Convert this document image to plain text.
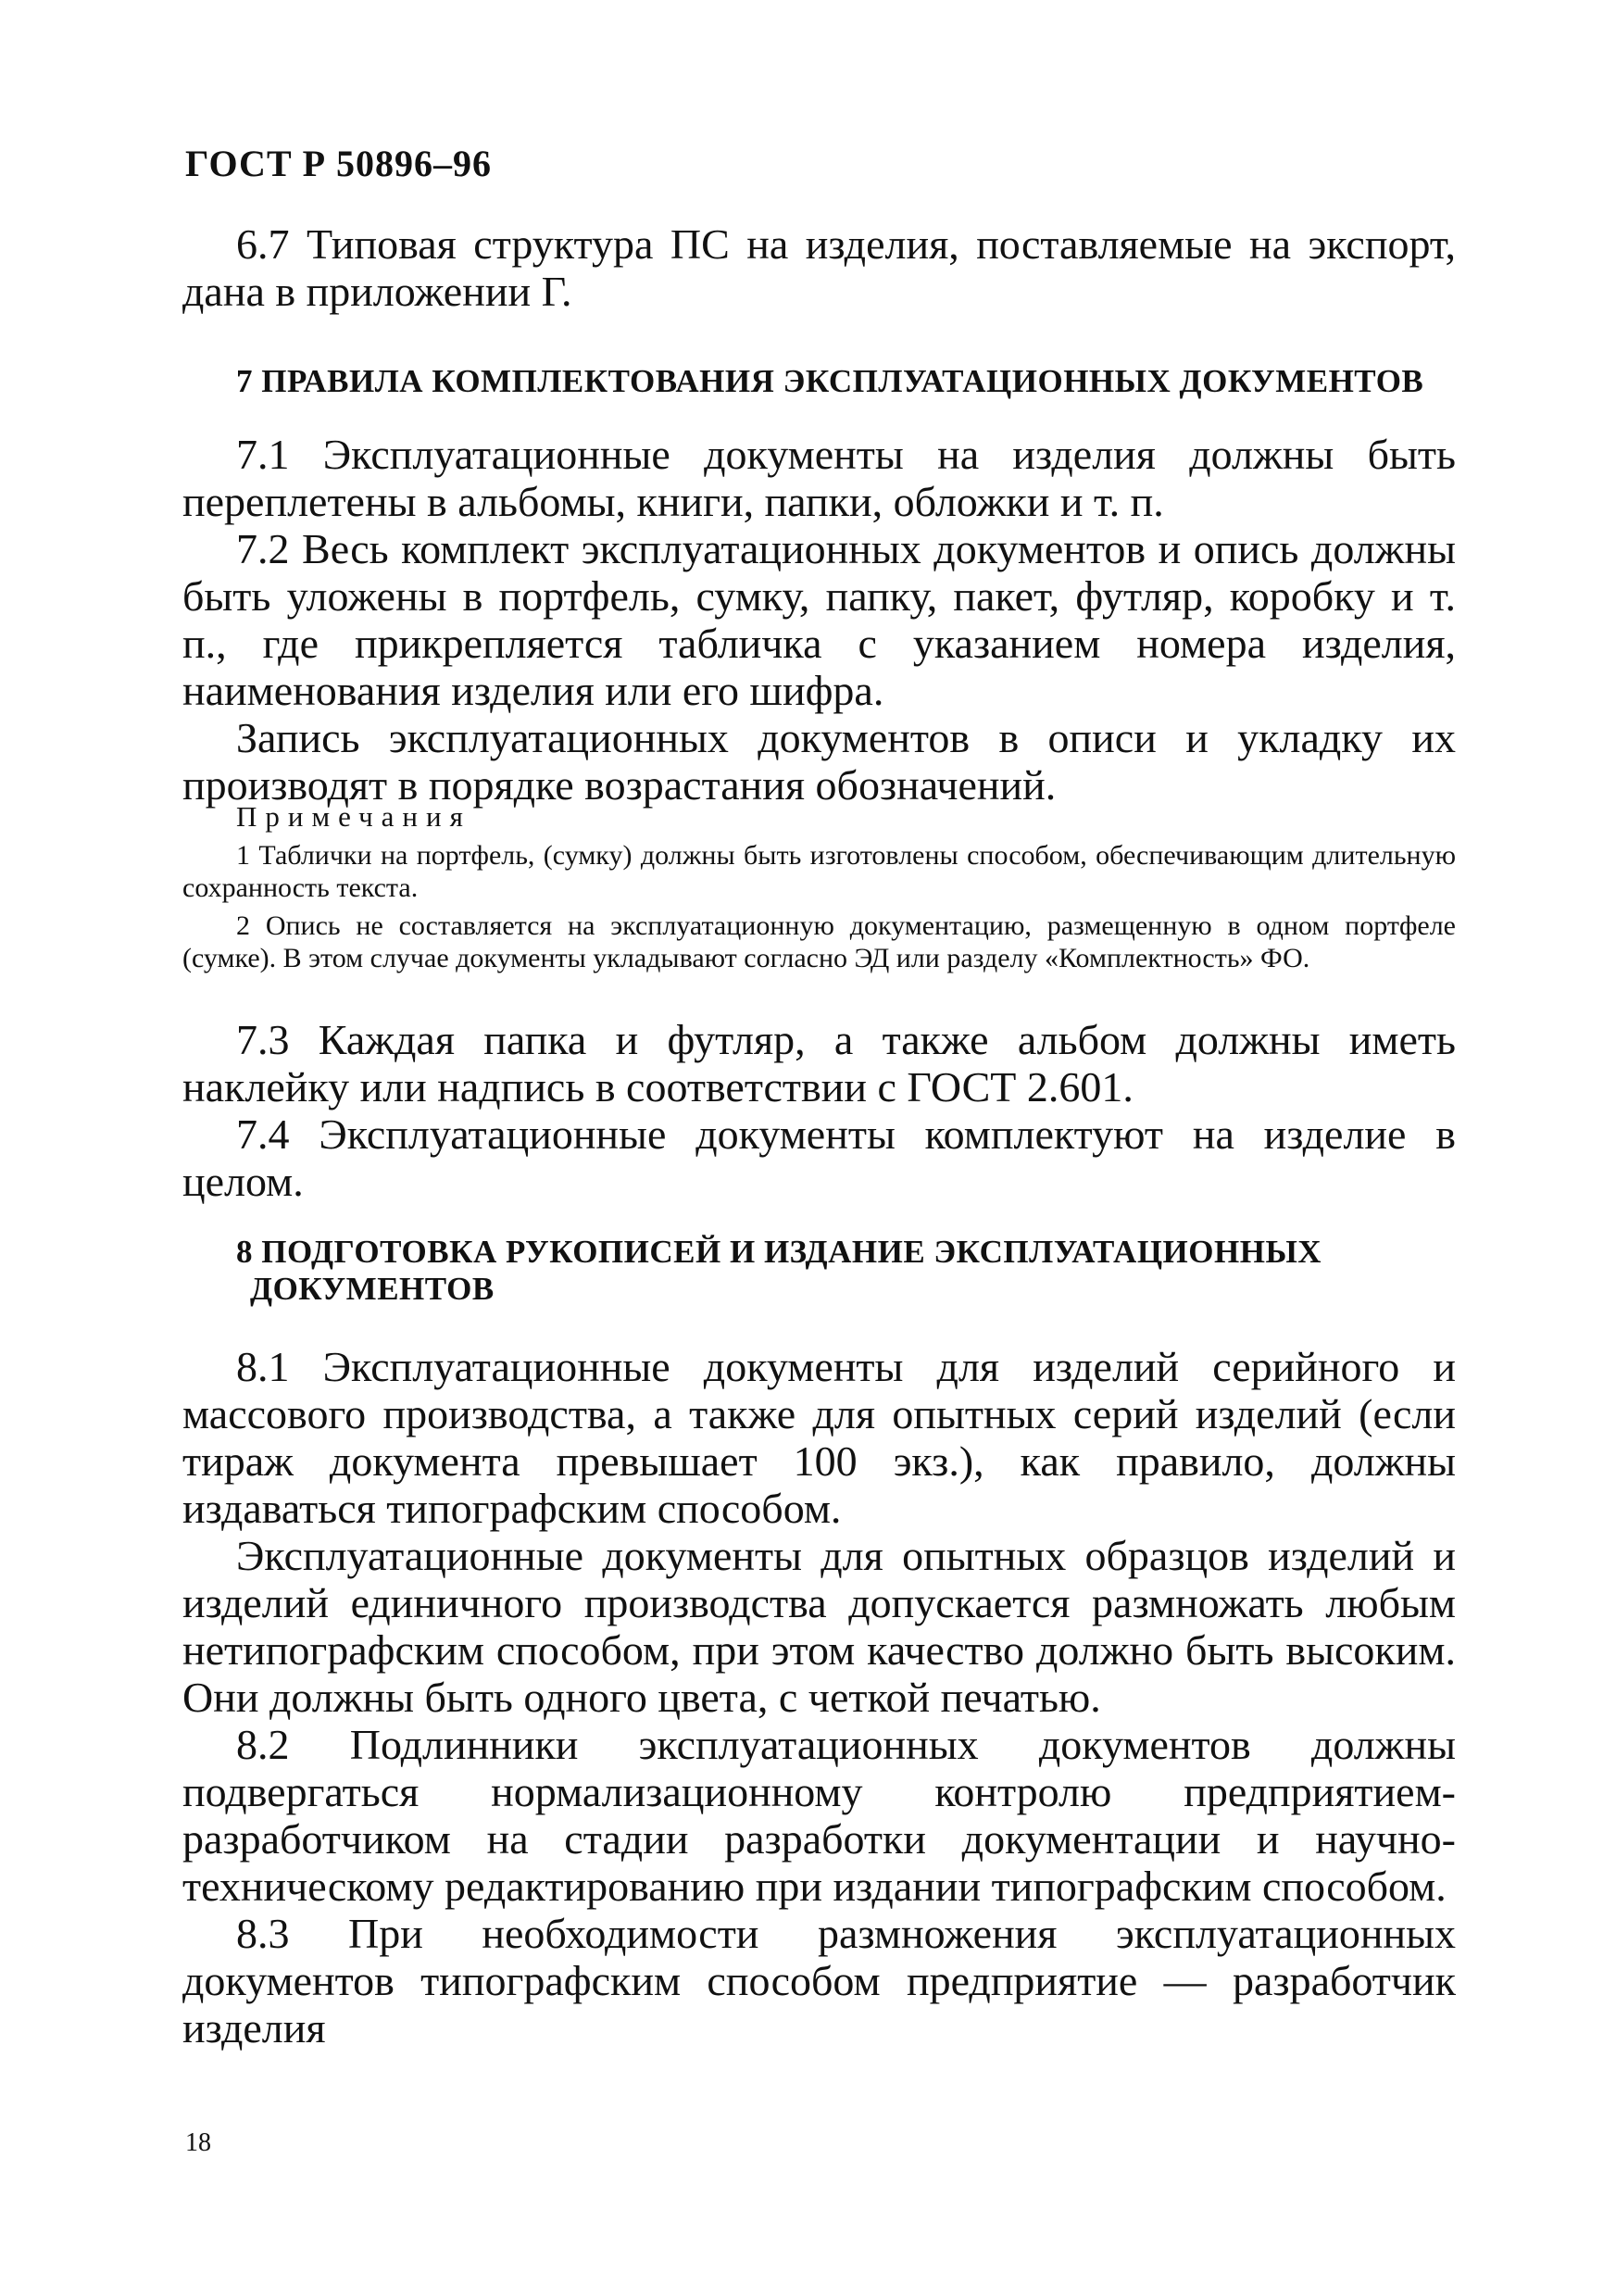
ГОСТ Р 50896–96

6.7 Типовая структура ПС на изделия, поставляемые на экспорт, дана в приложении Г.

7 ПРАВИЛА КОМПЛЕКТОВАНИЯ ЭКСПЛУАТАЦИОННЫХ ДОКУМЕНТОВ

7.1 Эксплуатационные документы на изделия должны быть переплетены в альбомы, книги, папки, обложки и т. п.

7.2 Весь комплект эксплуатационных документов и опись должны быть уложены в портфель, сумку, папку, пакет, футляр, коробку и т. п., где прикрепляется табличка с указанием номера изделия, наименования изделия или его шифра.

Запись эксплуатационных документов в описи и укладку их производят в порядке возрастания обозначений.

Примечания

1 Таблички на портфель, (сумку) должны быть изготовлены способом, обеспечивающим длительную сохранность текста.

2 Опись не составляется на эксплуатационную документацию, размещенную в одном портфеле (сумке). В этом случае документы укладывают согласно ЭД или разделу «Комплектность» ФО.

7.3 Каждая папка и футляр, а также альбом должны иметь наклейку или надпись в соответствии с ГОСТ 2.601.

7.4 Эксплуатационные документы комплектуют на изделие в целом.

8 ПОДГОТОВКА РУКОПИСЕЙ И ИЗДАНИЕ ЭКСПЛУАТАЦИОННЫХ

ДОКУМЕНТОВ

8.1 Эксплуатационные документы для изделий серийного и массового производства, а также для опытных серий изделий (если тираж документа превышает 100 экз.), как правило, должны издаваться типографским способом.

Эксплуатационные документы для опытных образцов изделий и изделий единичного производства допускается размножать любым нетипографским способом, при этом качество должно быть высоким. Они должны быть одного цвета, с четкой печатью.

8.2 Подлинники эксплуатационных документов должны подвергаться нормализационному контролю предприятием-разработчиком на стадии разработки документации и научно-техническому редактированию при издании типографским способом.

8.3 При необходимости размножения эксплуатационных документов типографским способом предприятие — разработчик изделия

18
